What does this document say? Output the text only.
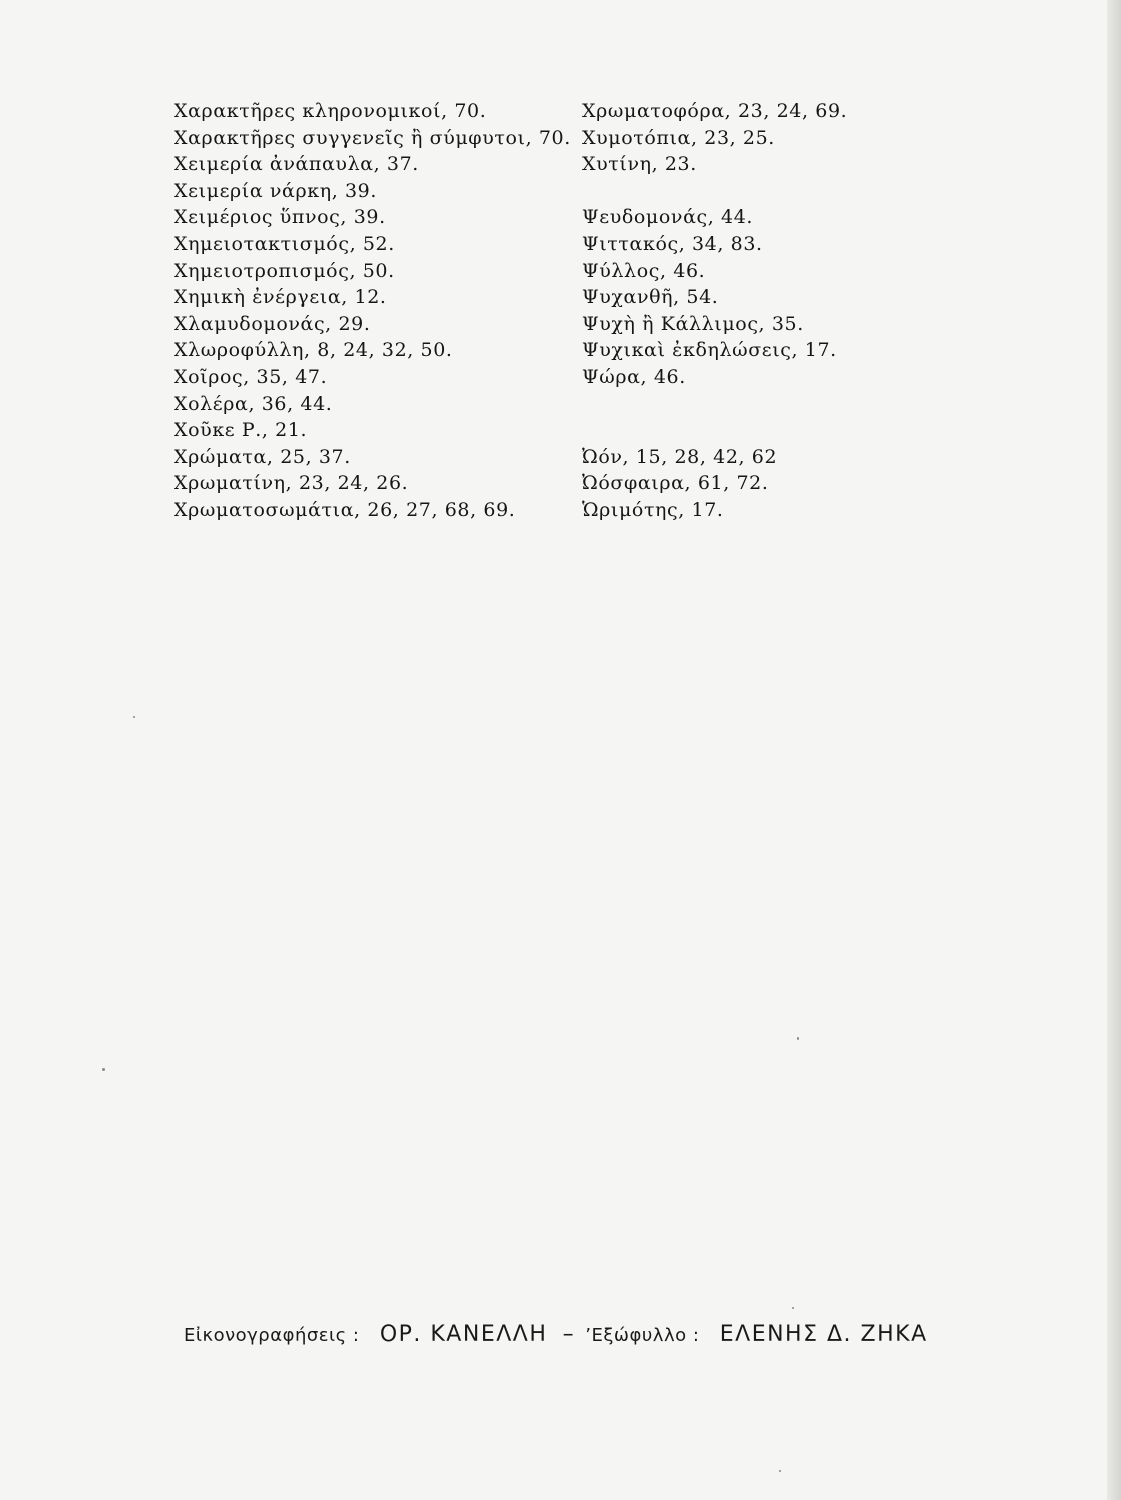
Χαρακτῆρες κληρονομικοί, 70.
Χαρακτῆρες συγγενεῖς ἢ σύμφυτοι, 70.
Χειμερία ἀνάπαυλα, 37.
Χειμερία νάρκη, 39.
Χειμέριος ὕπνος, 39.
Χημειοτακτισμός, 52.
Χημειοτροπισμός, 50.
Χημικὴ ἐνέργεια, 12.
Χλαμυδομονάς, 29.
Χλωροφύλλη, 8, 24, 32, 50.
Χοῖρος, 35, 47.
Χολέρα, 36, 44.
Χοῦκε Ρ., 21.
Χρώματα, 25, 37.
Χρωματίνη, 23, 24, 26.
Χρωματοσωμάτια, 26, 27, 68, 69.
Χρωματοφόρα, 23, 24, 69.
Χυμοτόπια, 23, 25.
Χυτίνη, 23.
Ψευδομονάς, 44.
Ψιττακός, 34, 83.
Ψύλλος, 46.
Ψυχανθῆ, 54.
Ψυχὴ ἢ Κάλλιμος, 35.
Ψυχικαὶ ἐκδηλώσεις, 17.
Ψώρα, 46.
Ὠόν, 15, 28, 42, 62
Ὠόσφαιρα, 61, 72.
Ὡριμότης, 17.
Εἰκονογραφήσεις : ΟΡ. ΚΑΝΕΛΛΗ – ’Εξώφυλλο : ΕΛΕΝΗΣ Δ. ΖΗΚΑ
